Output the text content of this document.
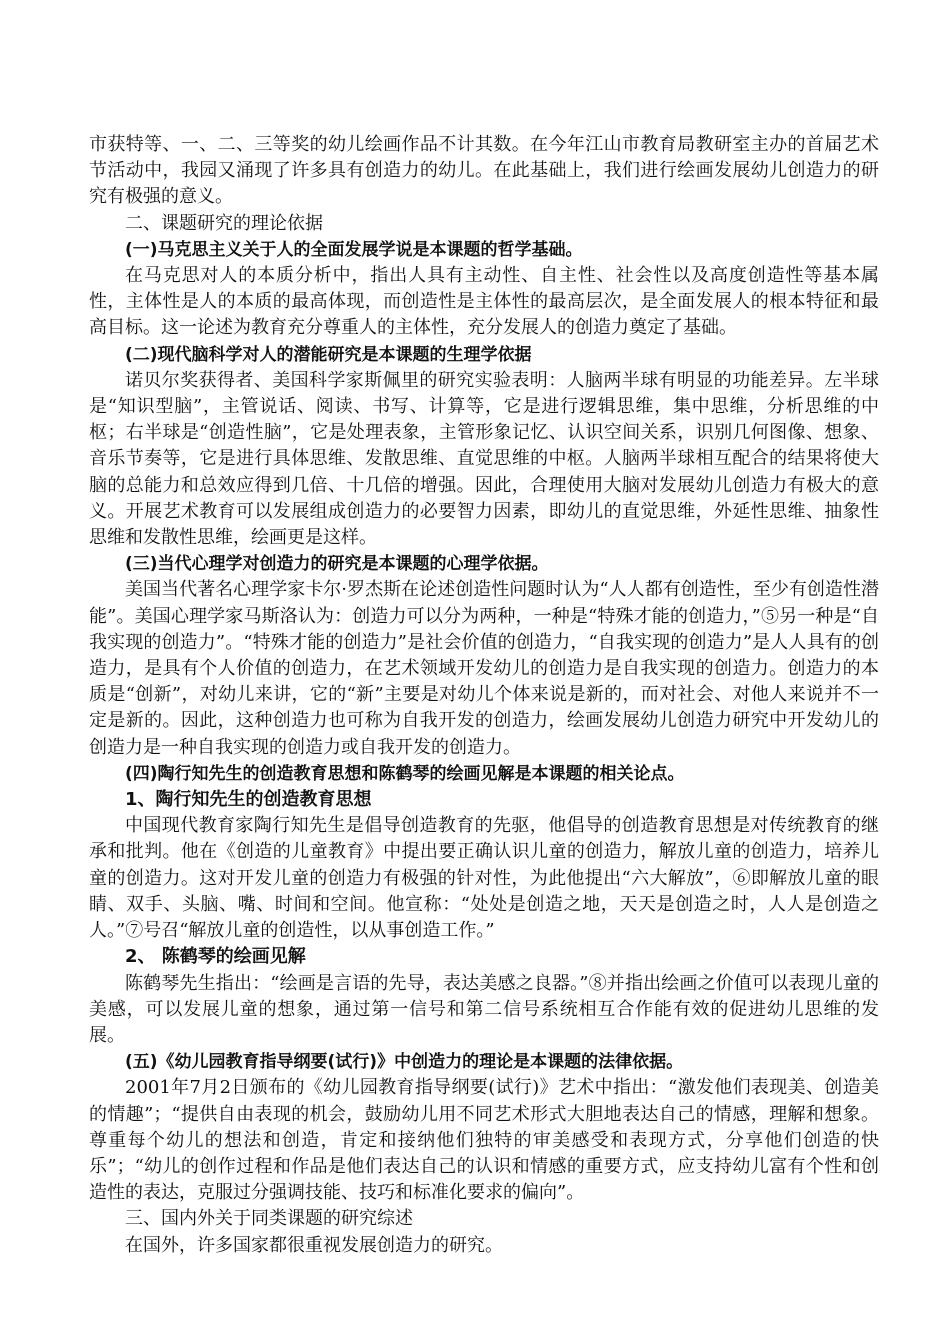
市获特等、一、二、三等奖的幼儿绘画作品不计其数。在今年江山市教育局教研室主办的首届艺术节活动中，我园又涌现了许多具有创造力的幼儿。在此基础上，我们进行绘画发展幼儿创造力的研究有极强的意义。

二、课题研究的理论依据

(一)马克思主义关于人的全面发展学说是本课题的哲学基础。

在马克思对人的本质分析中，指出人具有主动性、自主性、社会性以及高度创造性等基本属性，主体性是人的本质的最高体现，而创造性是主体性的最高层次，是全面发展人的根本特征和最高目标。这一论述为教育充分尊重人的主体性，充分发展人的创造力奠定了基础。

(二)现代脑科学对人的潜能研究是本课题的生理学依据

诺贝尔奖获得者、美国科学家斯佩里的研究实验表明：人脑两半球有明显的功能差异。左半球是“知识型脑”，主管说话、阅读、书写、计算等，它是进行逻辑思维，集中思维，分析思维的中枢；右半球是“创造性脑”，它是处理表象，主管形象记忆、认识空间关系，识别几何图像、想象、音乐节奏等，它是进行具体思维、发散思维、直觉思维的中枢。人脑两半球相互配合的结果将使大脑的总能力和总效应得到几倍、十几倍的增强。因此，合理使用大脑对发展幼儿创造力有极大的意义。开展艺术教育可以发展组成创造力的必要智力因素，即幼儿的直觉思维，外延性思维、抽象性思维和发散性思维，绘画更是这样。

(三)当代心理学对创造力的研究是本课题的心理学依据。

美国当代著名心理学家卡尔·罗杰斯在论述创造性问题时认为“人人都有创造性，至少有创造性潜能”。美国心理学家马斯洛认为：创造力可以分为两种，一种是“特殊才能的创造力，”⑤另一种是“自我实现的创造力”。“特殊才能的创造力”是社会价值的创造力，“自我实现的创造力”是人人具有的创造力，是具有个人价值的创造力，在艺术领域开发幼儿的创造力是自我实现的创造力。创造力的本质是“创新”，对幼儿来讲，它的“新”主要是对幼儿个体来说是新的，而对社会、对他人来说并不一定是新的。因此，这种创造力也可称为自我开发的创造力，绘画发展幼儿创造力研究中开发幼儿的创造力是一种自我实现的创造力或自我开发的创造力。

(四)陶行知先生的创造教育思想和陈鹤琴的绘画见解是本课题的相关论点。

1、陶行知先生的创造教育思想

中国现代教育家陶行知先生是倡导创造教育的先驱，他倡导的创造教育思想是对传统教育的继承和批判。他在《创造的儿童教育》中提出要正确认识儿童的创造力，解放儿童的创造力，培养儿童的创造力。这对开发儿童的创造力有极强的针对性，为此他提出“六大解放”，⑥即解放儿童的眼睛、双手、头脑、嘴、时间和空间。他宣称：“处处是创造之地，天天是创造之时，人人是创造之人。”⑦号召“解放儿童的创造性，以从事创造工作。”

2、 陈鹤琴的绘画见解

陈鹤琴先生指出：“绘画是言语的先导，表达美感之良器。”⑧并指出绘画之价值可以表现儿童的美感，可以发展儿童的想象，通过第一信号和第二信号系统相互合作能有效的促进幼儿思维的发展。

(五)《幼儿园教育指导纲要(试行)》中创造力的理论是本课题的法律依据。

2001年7月2日颁布的《幼儿园教育指导纲要(试行)》艺术中指出：“激发他们表现美、创造美的情趣”；“提供自由表现的机会，鼓励幼儿用不同艺术形式大胆地表达自己的情感，理解和想象。尊重每个幼儿的想法和创造，肯定和接纳他们独特的审美感受和表现方式，分享他们创造的快乐”；“幼儿的创作过程和作品是他们表达自己的认识和情感的重要方式，应支持幼儿富有个性和创造性的表达，克服过分强调技能、技巧和标准化要求的偏向”。

三、国内外关于同类课题的研究综述

在国外，许多国家都很重视发展创造力的研究。
